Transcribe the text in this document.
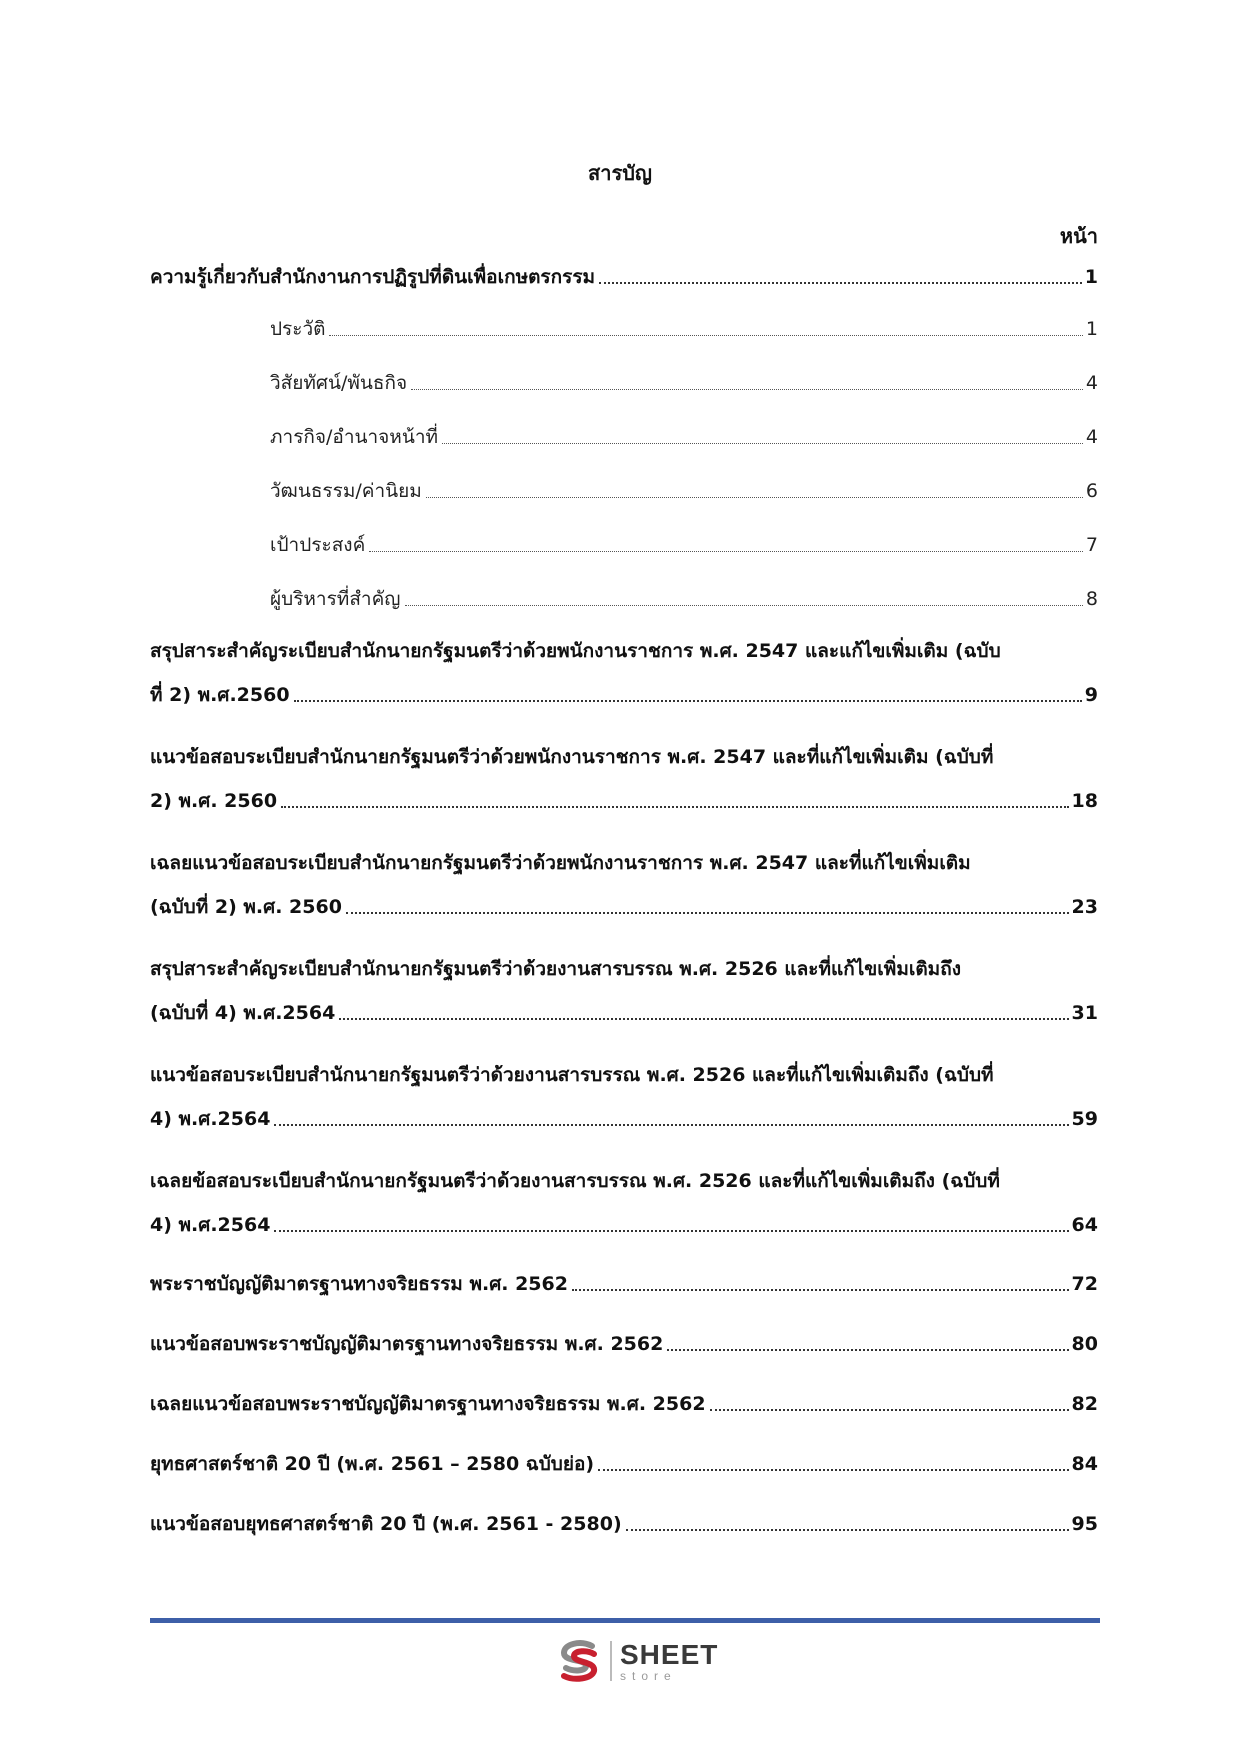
สารบัญ
หน้า
ความรู้เกี่ยวกับสำนักงานการปฏิรูปที่ดินเพื่อเกษตรกรรม	1
ประวัติ	1
วิสัยทัศน์/พันธกิจ	4
ภารกิจ/อำนาจหน้าที่	4
วัฒนธรรม/ค่านิยม	6
เป้าประสงค์	7
ผู้บริหารที่สำคัญ	8
สรุปสาระสำคัญระเบียบสำนักนายกรัฐมนตรีว่าด้วยพนักงานราชการ พ.ศ. 2547 และแก้ไขเพิ่มเติม (ฉบับ
ที่ 2) พ.ศ.2560	9
แนวข้อสอบระเบียบสำนักนายกรัฐมนตรีว่าด้วยพนักงานราชการ พ.ศ. 2547 และที่แก้ไขเพิ่มเติม (ฉบับที่
2) พ.ศ. 2560	18
เฉลยแนวข้อสอบระเบียบสำนักนายกรัฐมนตรีว่าด้วยพนักงานราชการ พ.ศ. 2547 และที่แก้ไขเพิ่มเติม
(ฉบับที่ 2) พ.ศ. 2560	23
สรุปสาระสำคัญระเบียบสำนักนายกรัฐมนตรีว่าด้วยงานสารบรรณ พ.ศ. 2526 และที่แก้ไขเพิ่มเติมถึง
(ฉบับที่ 4) พ.ศ.2564	31
แนวข้อสอบระเบียบสำนักนายกรัฐมนตรีว่าด้วยงานสารบรรณ พ.ศ. 2526 และที่แก้ไขเพิ่มเติมถึง (ฉบับที่
4) พ.ศ.2564	59
เฉลยข้อสอบระเบียบสำนักนายกรัฐมนตรีว่าด้วยงานสารบรรณ พ.ศ. 2526 และที่แก้ไขเพิ่มเติมถึง (ฉบับที่
4) พ.ศ.2564	64
พระราชบัญญัติมาตรฐานทางจริยธรรม พ.ศ. 2562	72
แนวข้อสอบพระราชบัญญัติมาตรฐานทางจริยธรรม พ.ศ. 2562	80
เฉลยแนวข้อสอบพระราชบัญญัติมาตรฐานทางจริยธรรม พ.ศ. 2562	82
ยุทธศาสตร์ชาติ 20 ปี (พ.ศ. 2561 – 2580 ฉบับย่อ)	84
แนวข้อสอบยุทธศาสตร์ชาติ 20 ปี (พ.ศ. 2561 - 2580)	95
SHEET
store
